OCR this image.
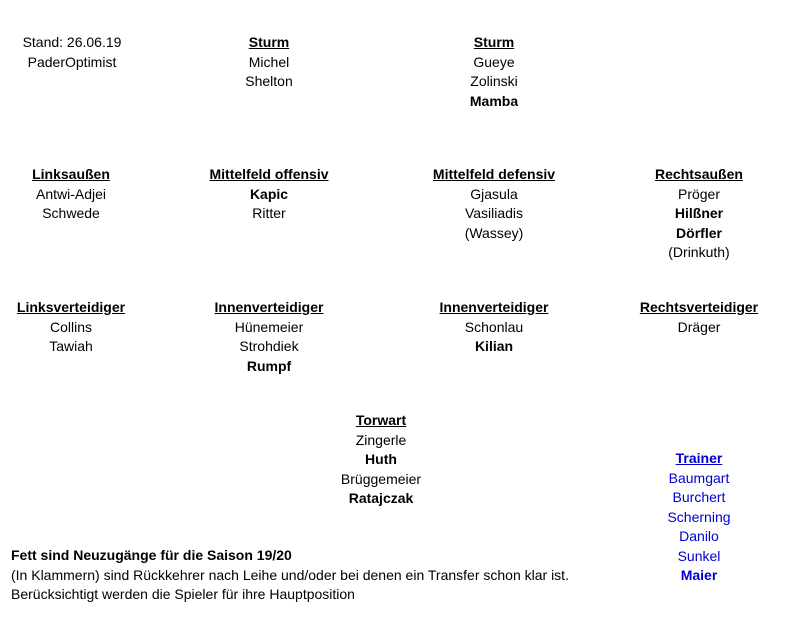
Stand: 26.06.19
PaderOptimist
Sturm
Michel
Shelton
Sturm
Gueye
Zolinski
Mamba
Linksaußen
Antwi-Adjei
Schwede
Mittelfeld offensiv
Kapic
Ritter
Mittelfeld defensiv
Gjasula
Vasiliadis
(Wassey)
Rechtsaußen
Pröger
Hilßner
Dörfler
(Drinkuth)
Linksverteidiger
Collins
Tawiah
Innenverteidiger
Hünemeier
Strohdiek
Rumpf
Innenverteidiger
Schonlau
Kilian
Rechtsverteidiger
Dräger
Torwart
Zingerle
Huth
Brüggemeier
Ratajczak
Trainer
Baumgart
Burchert
Scherning
Danilo
Sunkel
Maier
Fett sind Neuzugänge für die Saison 19/20
(In Klammern) sind Rückkehrer nach Leihe und/oder bei denen ein Transfer schon klar ist.
Berücksichtigt werden die Spieler für ihre Hauptposition
